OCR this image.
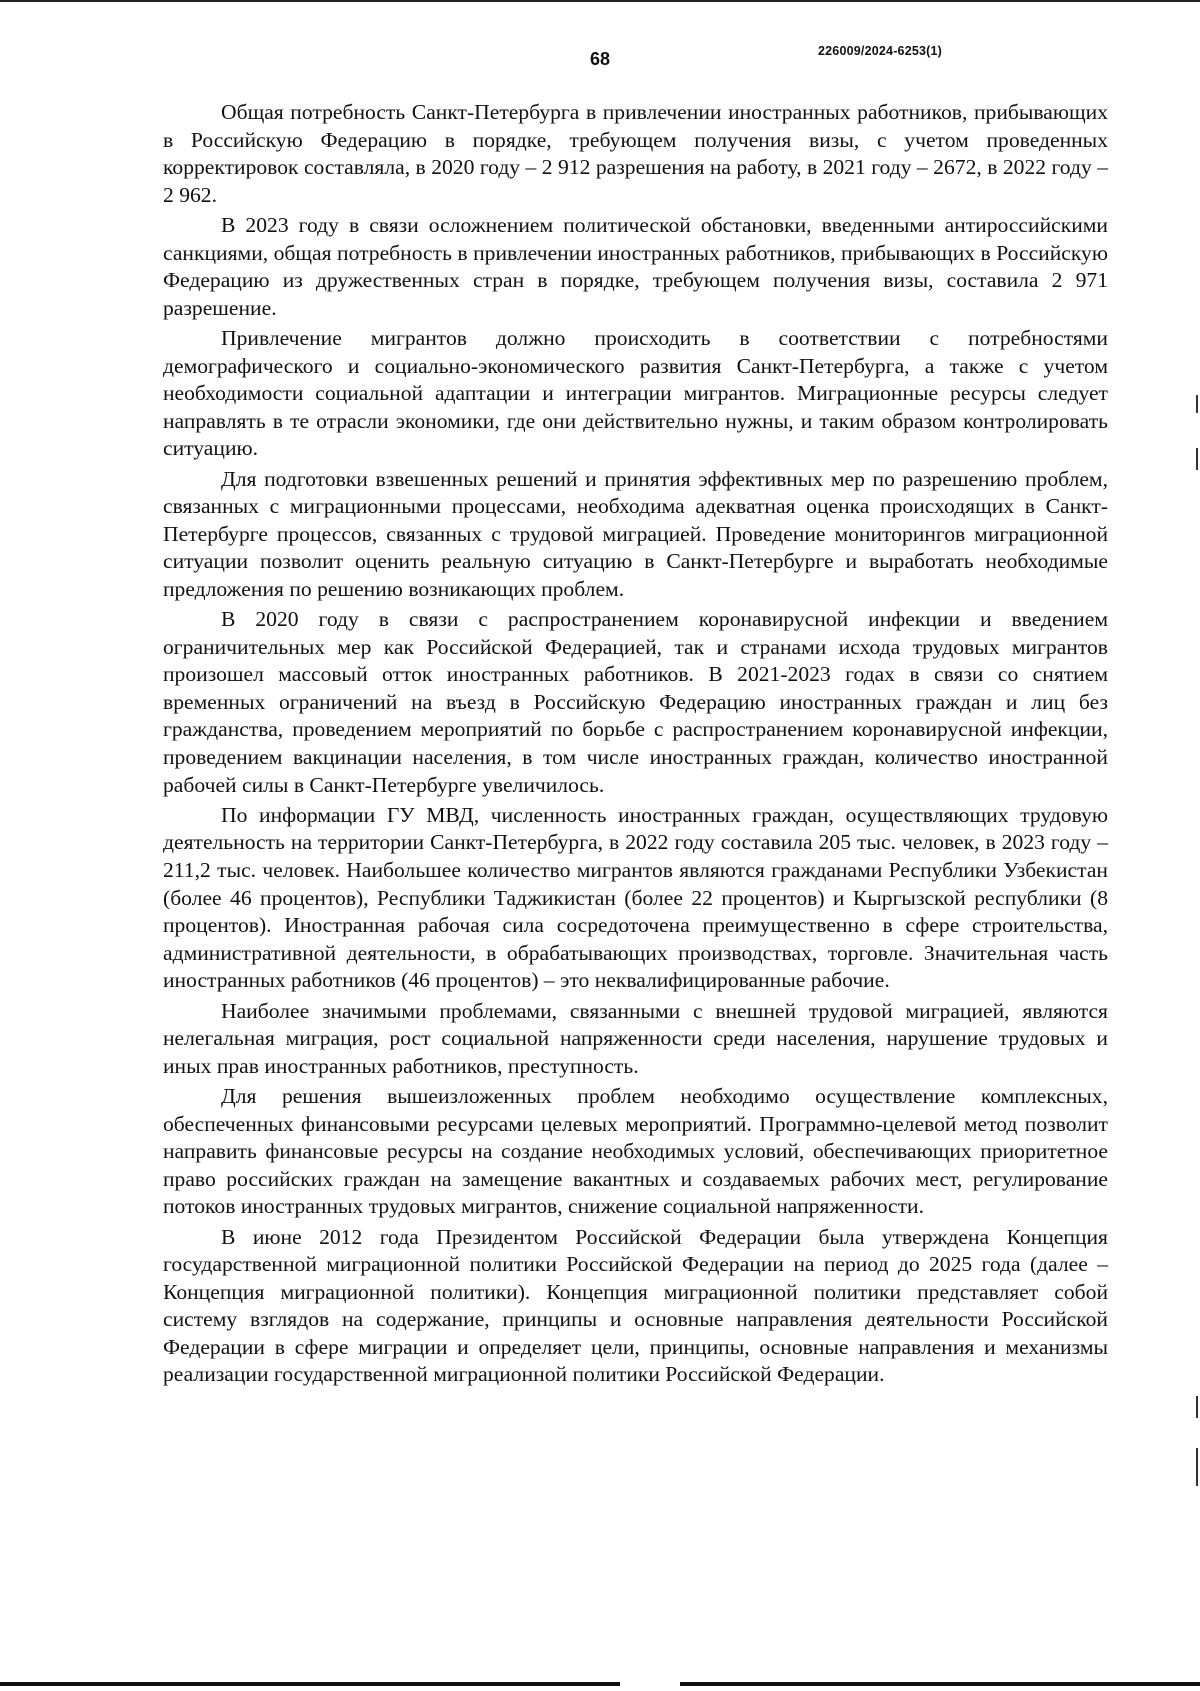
68	226009/2024-6253(1)

Общая потребность Санкт-Петербурга в привлечении иностранных работников, прибывающих в Российскую Федерацию в порядке, требующем получения визы, с учетом проведенных корректировок составляла, в 2020 году – 2 912 разрешения на работу, в 2021 году – 2672, в 2022 году – 2 962.

В 2023 году в связи осложнением политической обстановки, введенными антироссийскими санкциями, общая потребность в привлечении иностранных работников, прибывающих в Российскую Федерацию из дружественных стран в порядке, требующем получения визы, составила 2 971 разрешение.

Привлечение мигрантов должно происходить в соответствии с потребностями демографического и социально-экономического развития Санкт-Петербурга, а также с учетом необходимости социальной адаптации и интеграции мигрантов. Миграционные ресурсы следует направлять в те отрасли экономики, где они действительно нужны, и таким образом контролировать ситуацию.

Для подготовки взвешенных решений и принятия эффективных мер по разрешению проблем, связанных с миграционными процессами, необходима адекватная оценка происходящих в Санкт-Петербурге процессов, связанных с трудовой миграцией. Проведение мониторингов миграционной ситуации позволит оценить реальную ситуацию в Санкт-Петербурге и выработать необходимые предложения по решению возникающих проблем.

В 2020 году в связи с распространением коронавирусной инфекции и введением ограничительных мер как Российской Федерацией, так и странами исхода трудовых мигрантов произошел массовый отток иностранных работников. В 2021-2023 годах в связи со снятием временных ограничений на въезд в Российскую Федерацию иностранных граждан и лиц без гражданства, проведением мероприятий по борьбе с распространением коронавирусной инфекции, проведением вакцинации населения, в том числе иностранных граждан, количество иностранной рабочей силы в Санкт-Петербурге увеличилось.

По информации ГУ МВД, численность иностранных граждан, осуществляющих трудовую деятельность на территории Санкт-Петербурга, в 2022 году составила 205 тыс. человек, в 2023 году – 211,2 тыс. человек. Наибольшее количество мигрантов являются гражданами Республики Узбекистан (более 46 процентов), Республики Таджикистан (более 22 процентов) и Кыргызской республики (8 процентов). Иностранная рабочая сила сосредоточена преимущественно в сфере строительства, административной деятельности, в обрабатывающих производствах, торговле. Значительная часть иностранных работников (46 процентов) – это неквалифицированные рабочие.

Наиболее значимыми проблемами, связанными с внешней трудовой миграцией, являются нелегальная миграция, рост социальной напряженности среди населения, нарушение трудовых и иных прав иностранных работников, преступность.

Для решения вышеизложенных проблем необходимо осуществление комплексных, обеспеченных финансовыми ресурсами целевых мероприятий. Программно-целевой метод позволит направить финансовые ресурсы на создание необходимых условий, обеспечивающих приоритетное право российских граждан на замещение вакантных и создаваемых рабочих мест, регулирование потоков иностранных трудовых мигрантов, снижение социальной напряженности.

В июне 2012 года Президентом Российской Федерации была утверждена Концепция государственной миграционной политики Российской Федерации на период до 2025 года (далее – Концепция миграционной политики). Концепция миграционной политики представляет собой систему взглядов на содержание, принципы и основные направления деятельности Российской Федерации в сфере миграции и определяет цели, принципы, основные направления и механизмы реализации государственной миграционной политики Российской Федерации.
